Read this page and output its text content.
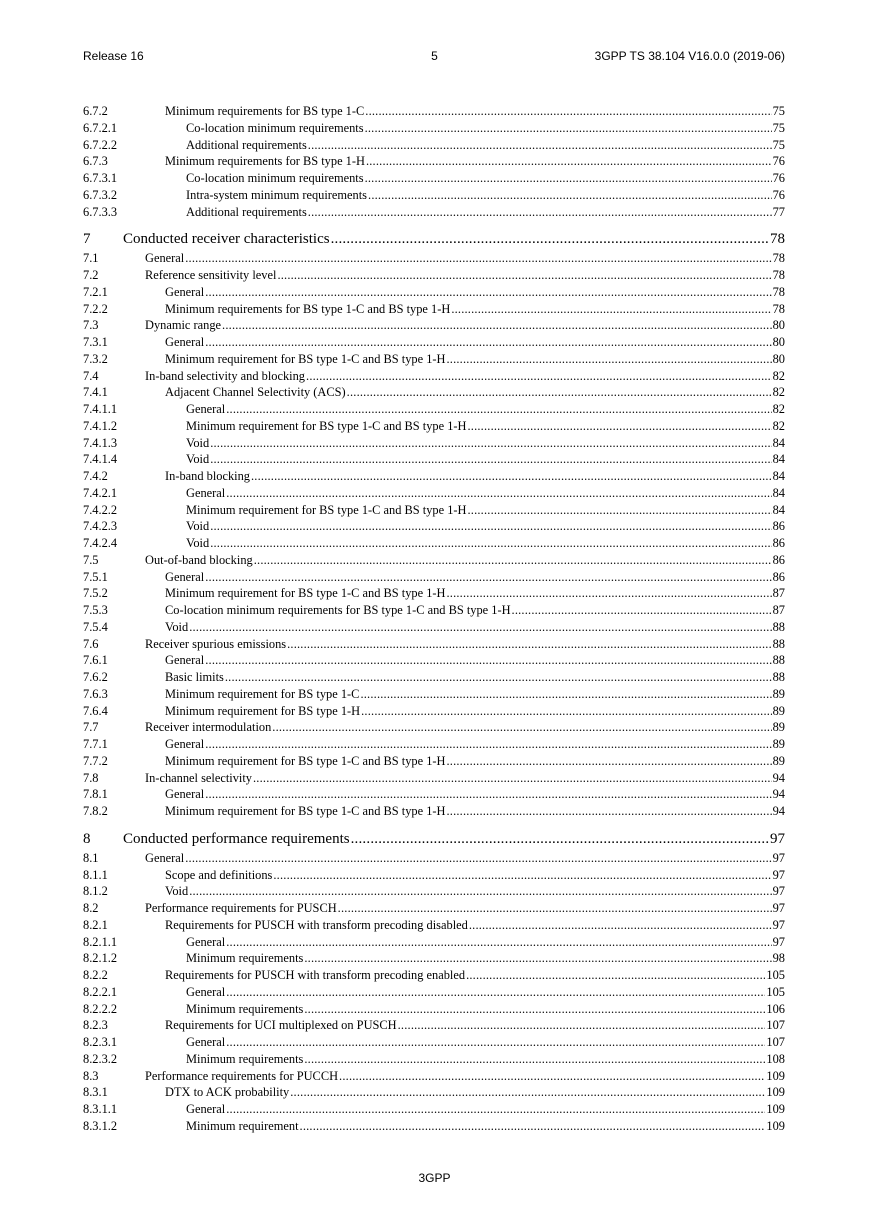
Release 16	5	3GPP TS 38.104 V16.0.0 (2019-06)
6.7.2	Minimum requirements for BS type 1-C .....	75
6.7.2.1	Co-location minimum requirements .....	75
6.7.2.2	Additional requirements .....	75
6.7.3	Minimum requirements for BS type 1-H .....	76
6.7.3.1	Co-location minimum requirements .....	76
6.7.3.2	Intra-system minimum requirements .....	76
6.7.3.3	Additional requirements .....	77
7 Conducted receiver characteristics .....	78
7.1	General .....	78
7.2	Reference sensitivity level .....	78
7.2.1	General .....	78
7.2.2	Minimum requirements for BS type 1-C and BS type 1-H .....	78
7.3	Dynamic range .....	80
7.3.1	General .....	80
7.3.2	Minimum requirement for BS type 1-C and BS type 1-H .....	80
7.4	In-band selectivity and blocking .....	82
7.4.1	Adjacent Channel Selectivity (ACS) .....	82
7.4.1.1	General .....	82
7.4.1.2	Minimum requirement for BS type 1-C and BS type 1-H .....	82
7.4.1.3	Void .....	84
7.4.1.4	Void .....	84
7.4.2	In-band blocking .....	84
7.4.2.1	General .....	84
7.4.2.2	Minimum requirement for BS type 1-C and BS type 1-H .....	84
7.4.2.3	Void .....	86
7.4.2.4	Void .....	86
7.5	Out-of-band blocking .....	86
7.5.1	General .....	86
7.5.2	Minimum requirement for BS type 1-C and BS type 1-H .....	87
7.5.3	Co-location minimum requirements for BS type 1-C and BS type 1-H .....	87
7.5.4	Void .....	88
7.6	Receiver spurious emissions .....	88
7.6.1	General .....	88
7.6.2	Basic limits .....	88
7.6.3	Minimum requirement for BS type 1-C .....	89
7.6.4	Minimum requirement for BS type 1-H .....	89
7.7	Receiver intermodulation .....	89
7.7.1	General .....	89
7.7.2	Minimum requirement for BS type 1-C and BS type 1-H .....	89
7.8	In-channel selectivity .....	94
7.8.1	General .....	94
7.8.2	Minimum requirement for BS type 1-C and BS type 1-H .....	94
8 Conducted performance requirements .....	97
8.1	General .....	97
8.1.1	Scope and definitions .....	97
8.1.2	Void .....	97
8.2	Performance requirements for PUSCH .....	97
8.2.1	Requirements for PUSCH with transform precoding disabled .....	97
8.2.1.1	General .....	97
8.2.1.2	Minimum requirements .....	98
8.2.2	Requirements for PUSCH with transform precoding enabled .....	105
8.2.2.1	General .....	105
8.2.2.2	Minimum requirements .....	106
8.2.3	Requirements for UCI multiplexed on PUSCH .....	107
8.2.3.1	General .....	107
8.2.3.2	Minimum requirements .....	108
8.3	Performance requirements for PUCCH .....	109
8.3.1	DTX to ACK probability .....	109
8.3.1.1	General .....	109
8.3.1.2	Minimum requirement .....	109
3GPP
